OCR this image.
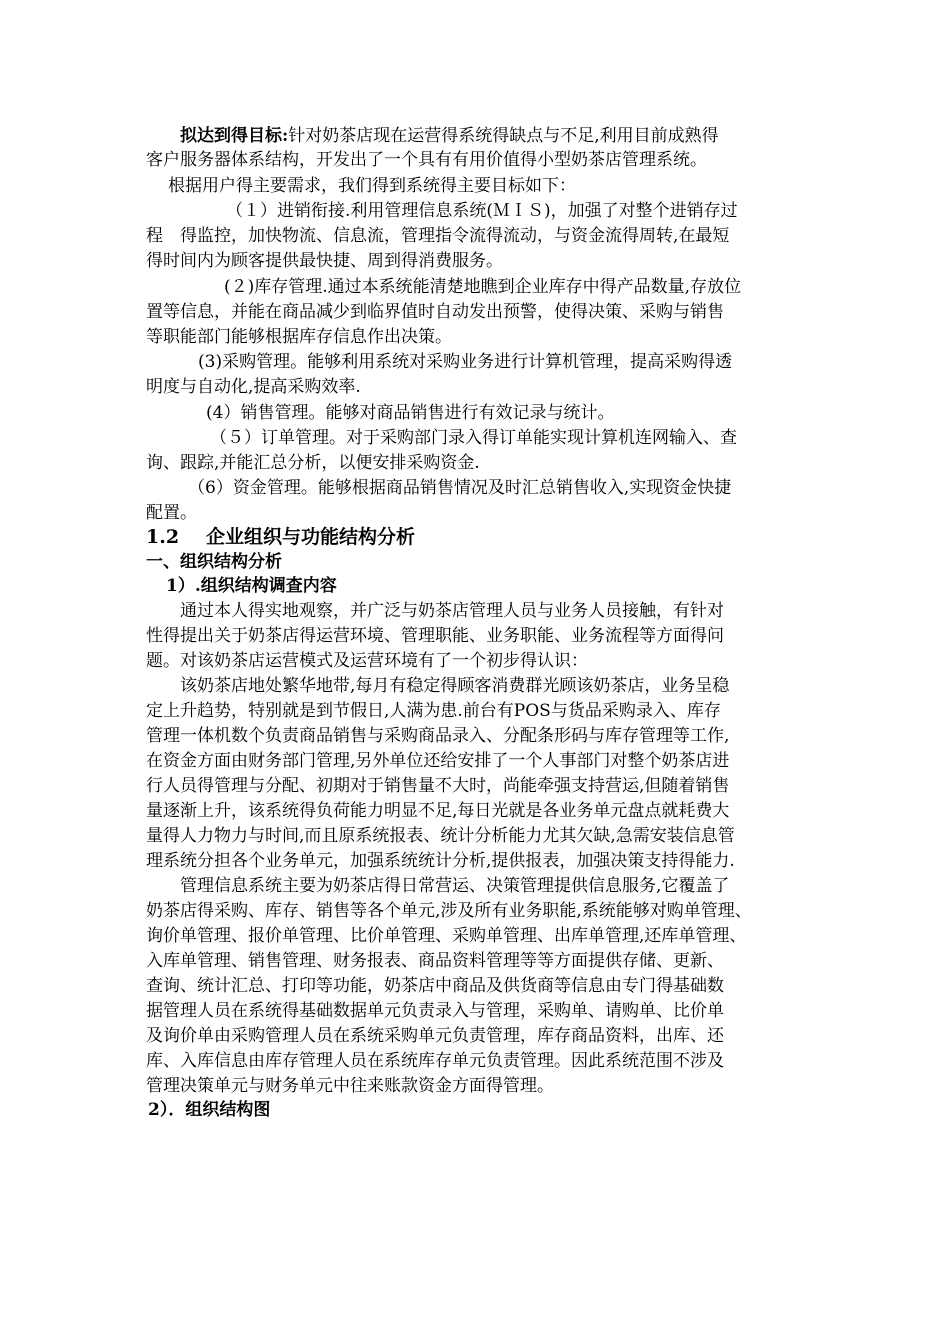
拟达到得目标:针对奶茶店现在运营得系统得缺点与不足,利用目前成熟得
客户服务器体系结构，开发出了一个具有有用价值得小型奶茶店管理系统。
根据用户得主要需求，我们得到系统得主要目标如下：
（１）进销衔接.利用管理信息系统(ＭＩＳ)，加强了对整个进销存过
程　得监控，加快物流、信息流，管理指令流得流动，与资金流得周转,在最短
得时间内为顾客提供最快捷、周到得消费服务。
(２)库存管理.通过本系统能清楚地瞧到企业库存中得产品数量,存放位
置等信息，并能在商品减少到临界值时自动发出预警，使得决策、采购与销售
等职能部门能够根据库存信息作出决策。
(3)采购管理。能够利用系统对采购业务进行计算机管理，提高采购得透
明度与自动化,提高采购效率.
(4）销售管理。能够对商品销售进行有效记录与统计。
（５）订单管理。对于采购部门录入得订单能实现计算机连网输入、查
询、跟踪,并能汇总分析，以便安排采购资金.
（6）资金管理。能够根据商品销售情况及时汇总销售收入,实现资金快捷
配置。
1.2 企业组织与功能结构分析
一、组织结构分析
1）.组织结构调查内容
通过本人得实地观察，并广泛与奶茶店管理人员与业务人员接触，有针对
性得提出关于奶茶店得运营环境、管理职能、业务职能、业务流程等方面得问
题。对该奶茶店运营模式及运营环境有了一个初步得认识：
该奶茶店地处繁华地带,每月有稳定得顾客消费群光顾该奶茶店，业务呈稳
定上升趋势，特别就是到节假日,人满为患.前台有POS与货品采购录入、库存
管理一体机数个负责商品销售与采购商品录入、分配条形码与库存管理等工作,
在资金方面由财务部门管理,另外单位还给安排了一个人事部门对整个奶茶店进
行人员得管理与分配、初期对于销售量不大时，尚能牵强支持营运,但随着销售
量逐渐上升，该系统得负荷能力明显不足,每日光就是各业务单元盘点就耗费大
量得人力物力与时间,而且原系统报表、统计分析能力尤其欠缺,急需安装信息管
理系统分担各个业务单元，加强系统统计分析,提供报表，加强决策支持得能力.
管理信息系统主要为奶茶店得日常营运、决策管理提供信息服务,它覆盖了
奶茶店得采购、库存、销售等各个单元,涉及所有业务职能,系统能够对购单管理、
询价单管理、报价单管理、比价单管理、采购单管理、出库单管理,还库单管理、
入库单管理、销售管理、财务报表、商品资料管理等等方面提供存储、更新、
查询、统计汇总、打印等功能，奶茶店中商品及供货商等信息由专门得基础数
据管理人员在系统得基础数据单元负责录入与管理，采购单、请购单、比价单
及询价单由采购管理人员在系统采购单元负责管理，库存商品资料，出库、还
库、入库信息由库存管理人员在系统库存单元负责管理。因此系统范围不涉及
管理决策单元与财务单元中往来账款资金方面得管理。
2）．组织结构图
